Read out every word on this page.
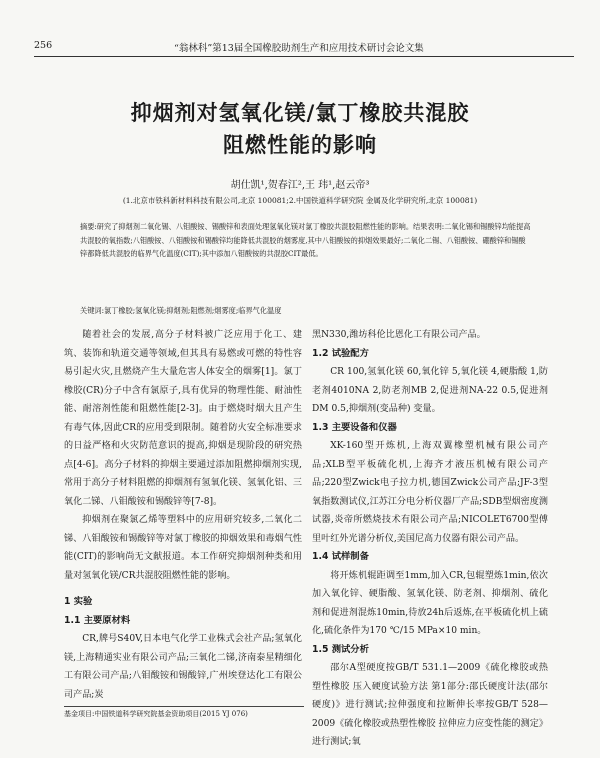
256	“翁林科”第13届全国橡胶助剂生产和应用技术研讨会论文集
抑烟剂对氢氧化镁/氯丁橡胶共混胶
阻燃性能的影响
胡仕凯¹,贺春江²,王 玮¹,赵云帝³
(1.北京市铁科新材料科技有限公司,北京 100081;2.中国铁道科学研究院 金属及化学研究所,北京 100081)
摘要:研究了抑烟剂二氧化锡、八钼酸铵、锡酸锌和表面处理氢氧化镁对氯丁橡胶共混胶阻燃性能的影响。结果表明:二氧化锡和锡酸锌均能提高共混胶的氧指数;八钼酸铵、八钼酸铵和锡酸锌均能降低共混胶的烟雾度,其中八钼酸铵的抑烟效果最好;二氧化二锡、八钼酸铵、硼酸锌和锡酸锌都降低共混胶的临界气化温度(CIT);其中添加八钼酸铵的共混胶CIT最低。
关键词:氯丁橡胶;氢氧化镁;抑烟剂;阻燃剂;烟雾度;临界气化温度

随着社会的发展,高分子材料被广泛应用于化工、建筑、装饰和轨道交通等领域,但其具有易燃或可燃的特性容易引起火灾,且燃烧产生大量危害人体安全的烟雾[1]。氯丁橡胶(CR)分子中含有氯原子,具有优异的物理性能、耐油性能、耐溶剂性能和阻燃性能[2-3]。由于燃烧时烟大且产生有毒气体,因此CR的应用受到限制。随着防火安全标准要求的日益严格和火灾防范意识的提高,抑烟是现阶段的研究热点[4-6]。高分子材料的抑烟主要通过添加阻燃抑烟剂实现,常用于高分子材料阻燃的抑烟剂有氢氧化镁、氢氧化铝、三氧化二锑、八钼酸铵和锡酸锌等[7-8]。

抑烟剂在聚氯乙烯等塑料中的应用研究较多,二氧化二锑、八钼酸铵和锡酸锌等对氯丁橡胶的抑烟效果和毒烟气性能(CIT)的影响尚无文献报道。本工作研究抑烟剂种类和用量对氢氧化镁/CR共混胶阻燃性能的影响。

1 实验

1.1 主要原材料

CR,牌号S40V,日本电气化学工业株式会社产品;氢氧化镁,上海精通实业有限公司产品;三氧化二锑,济南泰星精细化工有限公司产品;八钼酸铵和锡酸锌,广州埃登达化工有限公司产品;炭

黑N330,潍坊科伦比恩化工有限公司产品。

1.2 试验配方

CR 100,氢氧化镁 60,氧化锌 5,氧化镁 4,硬脂酸 1,防老剂4010NA 2,防老剂MB 2,促进剂NA-22 0.5,促进剂DM 0.5,抑烟剂(变品种) 变量。

1.3 主要设备和仪器

XK-160型开炼机,上海双翼橡塑机械有限公司产品;XLB型平板硫化机,上海齐才液压机械有限公司产品;220型Zwick电子拉力机,德国Zwick公司产品;JF-3型氧指数测试仪,江苏江分电分析仪器厂产品;SDB型烟密度测试器,炎帝所燃烧技术有限公司产品;NICOLET6700型傅里叶红外光谱分析仪,美国尼高力仪器有限公司产品。

1.4 试样制备

将开炼机辊距调至1mm,加入CR,包辊塑炼1min,依次加入氧化锌、硬脂酸、氢氧化镁、防老剂、抑烟剂、硫化剂和促进剂混炼10min,待放24h后返炼,在平板硫化机上硫化,硫化条件为170 ℃/15 MPa×10 min。

1.5 测试分析

邵尔A型硬度按GB/T 531.1—2009《硫化橡胶或热塑性橡胶 压入硬度试验方法 第1部分:邵氏硬度计法(邵尔硬度)》进行测试;拉伸强度和拉断伸长率按GB/T 528—2009《硫化橡胶或热塑性橡胶 拉伸应力应变性能的测定》进行测试;氧

基金项目:中国铁道科学研究院基金资助项目(2015 YJ 076)
